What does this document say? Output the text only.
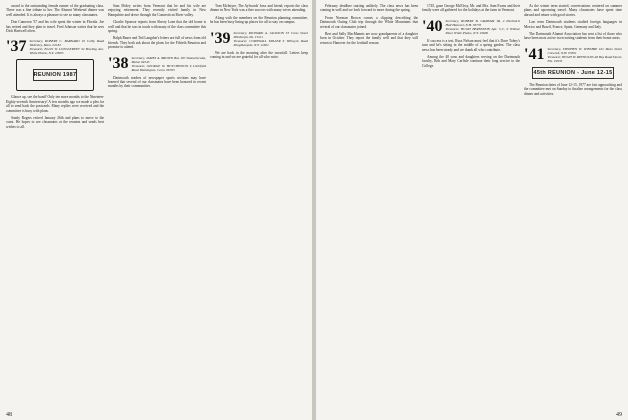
award to the outstanding female runner of the graduating class. There was a fine tribute to her. The Alumni Weekend dinner was well attended. It is always a pleasure to see so many classmates.

Don Cameron '37 and his wife spent the winter in Florida. Joe has retired and they plan to travel. Fred Johnson writes that he sees Dick Hartwell often.

'37 Secretary, ROBERT C. BARNARD 19 Colby Road Wellesley, Mass. 02181
Treasurer, ELLIS W. LONGSTREET 34 Bowling Ave. White Plains, N.Y. 10605
REUNION 1987

Glance up, see the band! Only ten more months to the Nineteen-Eighty-seventh Anniversary! A few months ago we made a plea for all to send back the postcards. Many replies were received and the committee is busy with plans.

Sandy Rogers retired January 26th and plans to move to the coast. He hopes to see classmates at the reunion and sends best wishes to all.

Sam Moley writes from Vermont that he and his wife are enjoying retirement. They recently visited family in New Hampshire and drove through the Connecticut River valley.

Charlie Sponsor reports from Sherry Lane that the old home is well and that he was in touch with many of the class committee this spring.

Ralph Bauer and Ted Langdon's letters are full of news from old friends. They both ask about the plans for the Fiftieth Reunion and promise to attend.

'38 Secretary, JAMES A. BROWN Box 187 Damariscotta, Maine 04543
Treasurer, GEORGE W. HUTCHINSON 6 Litchfield Road Washington, Conn. 06793

Dartmouth readers of newspaper sports sections may have learned that several of our classmates have been honored in recent months by their communities.

Tom McIntyre, The Aylwards' boss and friend, reports the class dinner in New York was a fine success with many wives attending.

Along with the members on the Reunion planning committee, he has been busy lining up places for all to stay on campus.

'39 Secretary, RICHARD A. JACKSON 53 Cross Street Pittsburgh, Pa. 15211
Treasurer, CORNWALL MILLER 6 Wiltwyck Road Poughkeepsie, N.Y. 12601

We are back in the morning after the snowfall. Letters keep coming in and we are grateful for all who write.

48

February deadline starting unlikely. The class news has been coming in well and we look forward to more during the spring.

From Norman Brown comes a clipping describing the Dartmouth Outing Club trip through the White Mountains that several of our classmates joined.

Bert and Sally MacMannis are now grandparents of a daughter born in October. They report the family well and that they will return to Hanover for the football season.

1745, gone George McElroy, Mr. and Mrs. Sam Evans and their family were all gathered for the holidays at the farm in Vermont.

'40 Secretary, ROBERT B. GRAHAM JR. 4 Parkhurst Hall Hanover, N.H. 03755
Treasurer, HUGH BERNSTEIN Apt. 5-C, 9 Wilmar Place White Plains, N.Y. 10606

If success is a test, Russ Nelson must feel that it's Dave Tobey's turn and he's sitting in the middle of a spring garden. The class news has been steady and we thank all who contribute.

Among the 40 sons and daughters serving on the Dartmouth faculty, Bob and Mary Carlisle continue their long service to the College.

As the winter term started, conversations centered on summer plans and upcoming travel. Many classmates have spent time abroad and return with good stories.

Last term Dartmouth students studied foreign languages in Mexico and Brazil, France, Spain, Germany and Italy.

The Dartmouth Alumni Association has sent a list of those who have been most active in recruiting students from their home areas.

'41 Secretary, STEPHEN W. WINSHIP 161 Main Street Concord, N.H. 03301
Treasurer, HUGH W. REYNOLDS 48 Bay Road Dover, Fla. 19933
45th REUNION - June 12-15

The Reunion dates of June 12-15, 1977 are fast approaching and the committee met on Sunday to finalize arrangements for the class dinner and activities.

49
